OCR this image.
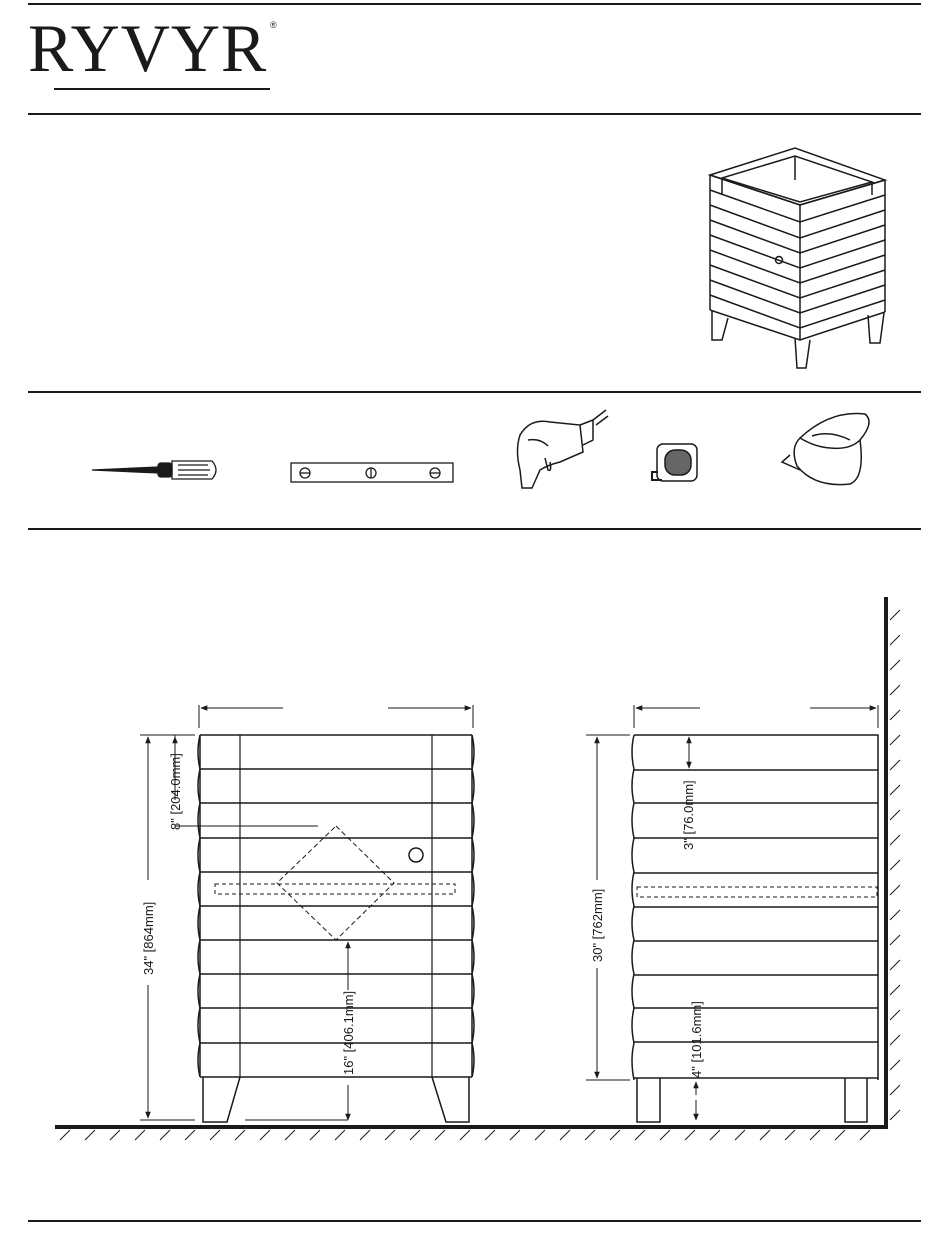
RYVYR ®
34" [864mm]
8" [204.0mm]
16" [406.1mm]
30" [762mm]
3" [76.0mm]
4" [101.6mm]
